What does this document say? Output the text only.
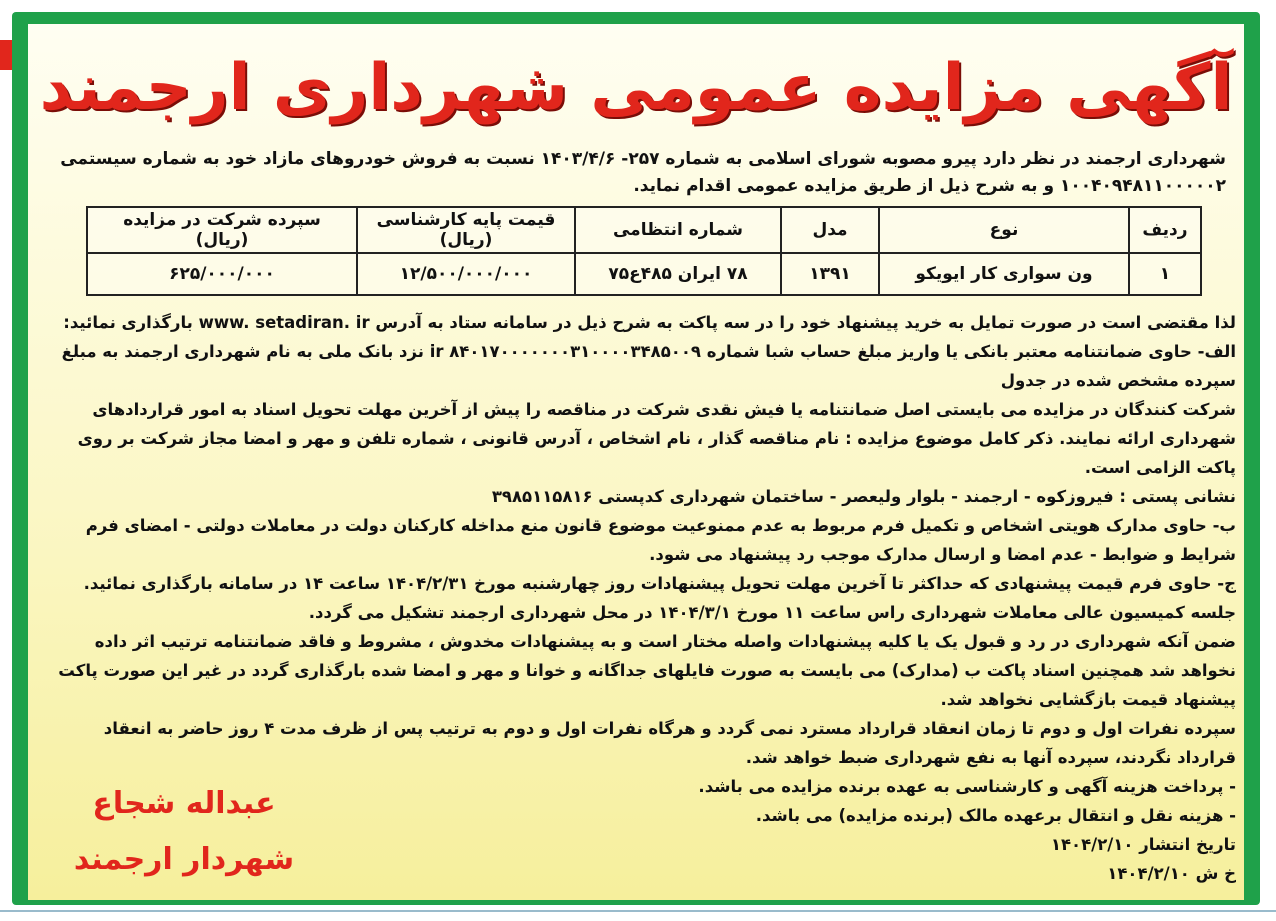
آگهی مزایده عمومی شهرداری ارجمند
شهرداری ارجمند در نظر دارد پیرو مصوبه شورای اسلامی به شماره ۲۵۷- ۱۴۰۳/۴/۶ نسبت به فروش خودروهای مازاد خود به شماره سیستمی ۱۰۰۴۰۹۴۸۱۱۰۰۰۰۰۲ و به شرح ذیل از طریق مزایده عمومی اقدام نماید.
ردیف	نوع	مدل	شماره انتظامی	قیمت پایه کارشناسی (ریال)	سپرده شرکت در مزایده (ریال)
۱	ون سواری کار ایویکو	۱۳۹۱	۷۸ ایران ۴۸۵ع۷۵	۱۲/۵۰۰/۰۰۰/۰۰۰	۶۲۵/۰۰۰/۰۰۰

لذا مقتضی است در صورت تمایل به خرید پیشنهاد خود را در سه پاکت به شرح ذیل در سامانه ستاد به آدرس www. setadiran. ir بارگذاری نمائید:

الف- حاوی ضمانتنامه معتبر بانکی یا واریز مبلغ حساب شبا شماره ir ۸۴۰۱۷۰۰۰۰۰۰۰۳۱۰۰۰۰۳۴۸۵۰۰۹ نزد بانک ملی به نام شهرداری ارجمند به مبلغ سپرده مشخص شده در جدول

شرکت کنندگان در مزایده می بایستی اصل ضمانتنامه یا فیش نقدی شرکت در مناقصه را پیش از آخرین مهلت تحویل اسناد به امور قراردادهای شهرداری ارائه نمایند. ذکر کامل موضوع مزایده : نام مناقصه گذار ، نام اشخاص ، آدرس قانونی ، شماره تلفن و مهر و امضا مجاز شرکت بر روی پاکت الزامی است.

نشانی پستی : فیروزکوه - ارجمند - بلوار ولیعصر - ساختمان شهرداری کدپستی ۳۹۸۵۱۱۵۸۱۶

ب- حاوی مدارک هویتی اشخاص و تکمیل فرم مربوط به عدم ممنوعیت موضوع قانون منع مداخله کارکنان دولت در معاملات دولتی - امضای فرم شرایط و ضوابط - عدم امضا و ارسال مدارک موجب رد پیشنهاد می شود.

ج- حاوی فرم قیمت پیشنهادی که حداکثر تا آخرین مهلت تحویل پیشنهادات روز چهارشنبه مورخ ۱۴۰۴/۲/۳۱ ساعت ۱۴ در سامانه بارگذاری نمائید.

جلسه کمیسیون عالی معاملات شهرداری راس ساعت ۱۱ مورخ ۱۴۰۴/۳/۱ در محل شهرداری ارجمند تشکیل می گردد.

ضمن آنکه شهرداری در رد و قبول یک یا کلیه پیشنهادات واصله مختار است و به پیشنهادات مخدوش ، مشروط و فاقد ضمانتنامه ترتیب اثر داده نخواهد شد همچنین اسناد پاکت ب (مدارک) می بایست به صورت فایلهای جداگانه و خوانا و مهر و امضا شده بارگذاری گردد در غیر این صورت پاکت پیشنهاد قیمت بازگشایی نخواهد شد.

سپرده نفرات اول و دوم تا زمان انعقاد قرارداد مسترد نمی گردد و هرگاه نفرات اول و دوم به ترتیب پس از ظرف مدت ۴ روز حاضر به انعقاد قرارداد نگردند، سپرده آنها به نفع شهرداری ضبط خواهد شد.

- پرداخت هزینه آگهی و کارشناسی به عهده برنده مزایده می باشد.

- هزینه نقل و انتقال برعهده مالک (برنده مزایده) می باشد.

تاریخ انتشار ۱۴۰۴/۲/۱۰

خ ش ۱۴۰۴/۲/۱۰

عبداله شجاع
شهردار ارجمند
